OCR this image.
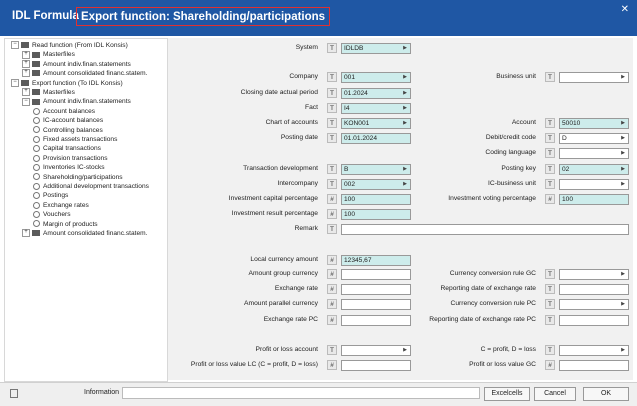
IDL Formula -
Export function: Shareholding/participations
✕
− Read function (From IDL Konsis)
+ Masterfiles
+ Amount indiv.finan.statements
+ Amount consolidated financ.statem.
− Export function (To IDL Konsis)
+ Masterfiles
− Amount indiv.finan.statements
Account balances
IC-account balances
Controlling balances
Fixed assets transactions
Capital transactions
Provision transactions
Inventories IC-stocks
Shareholding/participations
Additional development transactions
Postings
Exchange rates
Vouchers
Margin of products
+ Amount consolidated financ.statem.
System	T	IDLDB	▶
Company	T	001	▶	Business unit	T	▶
Closing date actual period	T	01.2024	▶
Fact	T	I4	▶
Chart of accounts	T	KON001	▶	Account	T	50010	▶
Posting date	T	01.01.2024	Debit/credit code	T	D	▶
Coding language	T	▶
Transaction development	T	B	▶	Posting key	T	02	▶
Intercompany	T	002	▶	IC-business unit	T	▶
Investment capital percentage	#	100	Investment voting percentage	#	100
Investment result percentage	#	100
Remark	T
Local currency amount	#	12345,67
Amount group currency	#	Currency conversion rule GC	T	▶
Exchange rate	#	Reporting date of exchange rate	T
Amount parallel currency	#	Currency conversion rule PC	T	▶
Exchange rate PC	#	Reporting date of exchange rate PC	T
Profit or loss account	T	▶	C = profit, D = loss	T	▶
Profit or loss value LC (C = profit, D = loss)	#	Profit or loss value GC	#
Information	Excelcells	Cancel	OK
